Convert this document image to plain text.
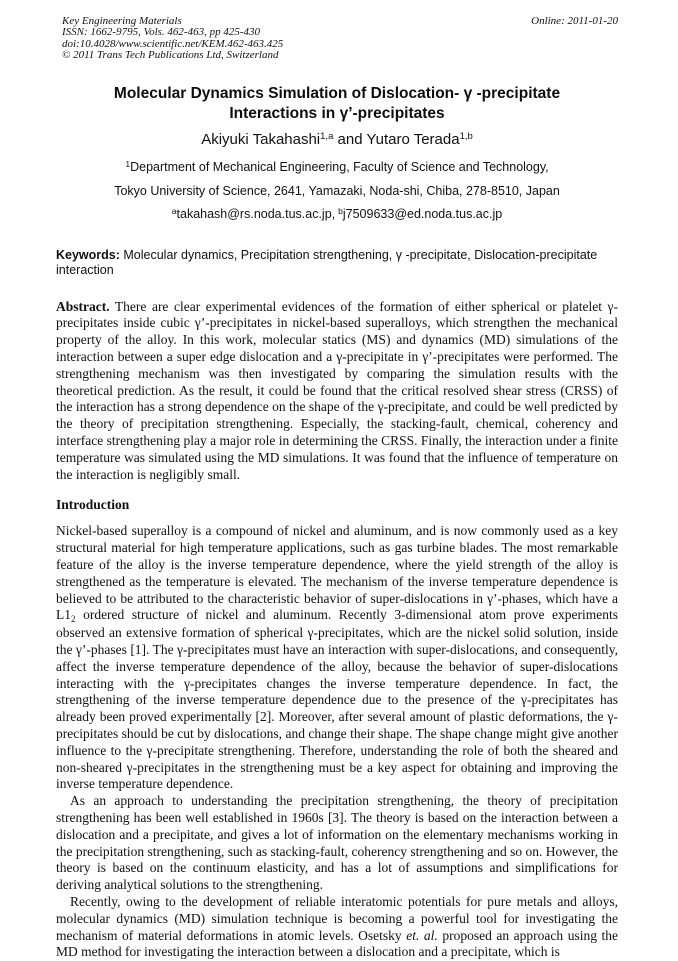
Key Engineering Materials
ISSN: 1662-9795, Vols. 462-463, pp 425-430
doi:10.4028/www.scientific.net/KEM.462-463.425
© 2011 Trans Tech Publications Ltd, Switzerland
Online: 2011-01-20
Molecular Dynamics Simulation of Dislocation- γ -precipitate
Interactions in γ’-precipitates
Akiyuki Takahashi$^{1,a}$ and Yutaro Terada$^{1,b}$
$^1$Department of Mechanical Engineering, Faculty of Science and Technology,
Tokyo University of Science, 2641, Yamazaki, Noda-shi, Chiba, 278-8510, Japan
$^a$takahash@rs.noda.tus.ac.jp, $^b$j7509633@ed.noda.tus.ac.jp
Keywords: Molecular dynamics, Precipitation strengthening, γ -precipitate, Dislocation-precipitate interaction

Abstract. There are clear experimental evidences of the formation of either spherical or platelet γ-precipitates inside cubic γ’-precipitates in nickel-based superalloys, which strengthen the mechanical property of the alloy. In this work, molecular statics (MS) and dynamics (MD) simulations of the interaction between a super edge dislocation and a γ-precipitate in γ’-precipitates were performed. The strengthening mechanism was then investigated by comparing the simulation results with the theoretical prediction. As the result, it could be found that the critical resolved shear stress (CRSS) of the interaction has a strong dependence on the shape of the γ-precipitate, and could be well predicted by the theory of precipitation strengthening. Especially, the stacking-fault, chemical, coherency and interface strengthening play a major role in determining the CRSS. Finally, the interaction under a finite temperature was simulated using the MD simulations. It was found that the influence of temperature on the interaction is negligibly small.

Introduction

Nickel-based superalloy is a compound of nickel and aluminum, and is now commonly used as a key structural material for high temperature applications, such as gas turbine blades. The most remarkable feature of the alloy is the inverse temperature dependence, where the yield strength of the alloy is strengthened as the temperature is elevated. The mechanism of the inverse temperature dependence is believed to be attributed to the characteristic behavior of super-dislocations in γ’-phases, which have a $L1_2$ ordered structure of nickel and aluminum. Recently 3-dimensional atom prove experiments observed an extensive formation of spherical γ-precipitates, which are the nickel solid solution, inside the γ’-phases [1]. The γ-precipitates must have an interaction with super-dislocations, and consequently, affect the inverse temperature dependence of the alloy, because the behavior of super-dislocations interacting with the γ-precipitates changes the inverse temperature dependence. In fact, the strengthening of the inverse temperature dependence due to the presence of the γ-precipitates has already been proved experimentally [2]. Moreover, after several amount of plastic deformations, the γ-precipitates should be cut by dislocations, and change their shape. The shape change might give another influence to the γ-precipitate strengthening. Therefore, understanding the role of both the sheared and non-sheared γ-precipitates in the strengthening must be a key aspect for obtaining and improving the inverse temperature dependence.

As an approach to understanding the precipitation strengthening, the theory of precipitation strengthening has been well established in 1960s [3]. The theory is based on the interaction between a dislocation and a precipitate, and gives a lot of information on the elementary mechanisms working in the precipitation strengthening, such as stacking-fault, coherency strengthening and so on. However, the theory is based on the continuum elasticity, and has a lot of assumptions and simplifications for deriving analytical solutions to the strengthening.

Recently, owing to the development of reliable interatomic potentials for pure metals and alloys, molecular dynamics (MD) simulation technique is becoming a powerful tool for investigating the mechanism of material deformations in atomic levels. Osetsky et. al. proposed an approach using the MD method for investigating the interaction between a dislocation and a precipitate, which is
